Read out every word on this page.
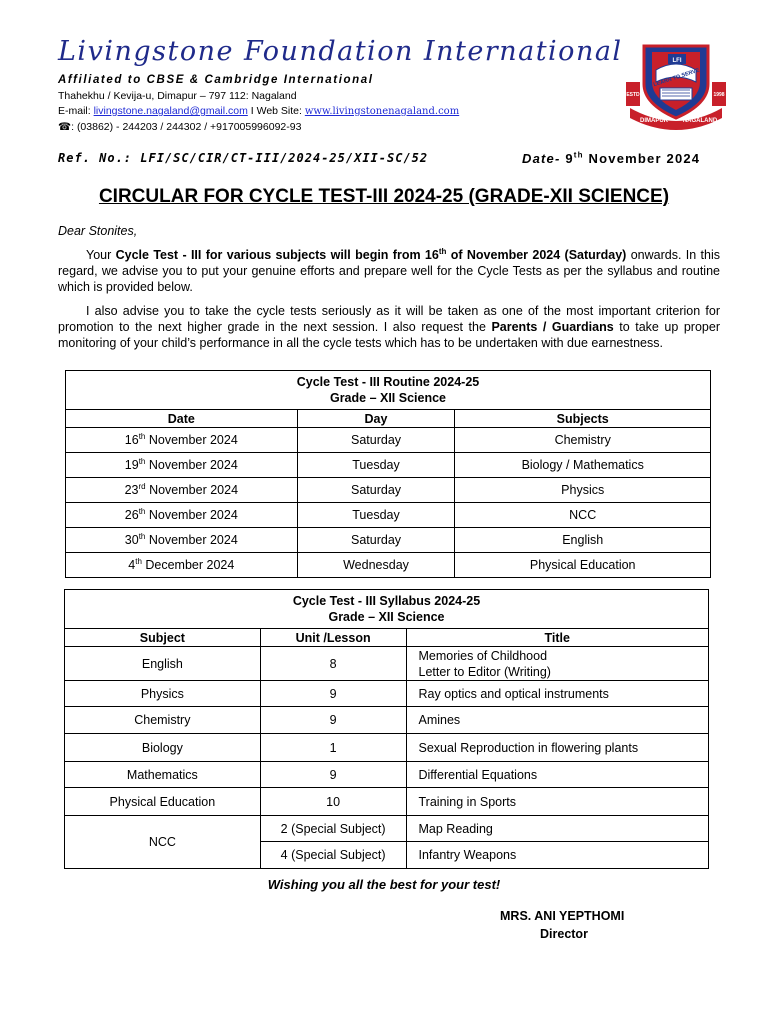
Livingstone Foundation International
Affiliated to CBSE & Cambridge International
Thahekhu / Kevija-u, Dimapur – 797 112: Nagaland
E-mail: livingstone.nagaland@gmail.com I Web Site: www.livingstonenagaland.com
☎: (03862) - 244203 / 244302 / +917005996092-93
LFI
LEARN TO SERVE
ESTD	1998
DIMAPUR NAGALAND
Ref. No.: LFI/SC/CIR/CT-III/2024-25/XII-SC/52	Date- 9th November 2024
CIRCULAR FOR CYCLE TEST-III 2024-25 (GRADE-XII SCIENCE)
Dear Stonites,
Your Cycle Test - III for various subjects will begin from 16th of November 2024 (Saturday) onwards. In this regard, we advise you to put your genuine efforts and prepare well for the Cycle Tests as per the syllabus and routine which is provided below.
I also advise you to take the cycle tests seriously as it will be taken as one of the most important criterion for promotion to the next higher grade in the next session. I also request the Parents / Guardians to take up proper monitoring of your child’s performance in all the cycle tests which has to be undertaken with due earnestness.
Cycle Test - III Routine 2024-25
Grade – XII Science		

Date	Day	Subjects
16th November 2024	Saturday	Chemistry
19th November 2024	Tuesday	Biology / Mathematics
23rd November 2024	Saturday	Physics
26th November 2024	Tuesday	NCC
30th November 2024	Saturday	English
4th December 2024	Wednesday	Physical Education
Cycle Test - III Syllabus 2024-25
Grade – XII Science		

Subject	Unit /Lesson	Title
English	8	Memories of Childhood
Letter to Editor (Writing)

Physics	9	Ray optics and optical instruments
Chemistry	9	Amines
Biology	1	Sexual Reproduction in flowering plants
Mathematics	9	Differential Equations
Physical Education	10	Training in Sports
NCC	2 (Special Subject)	Map Reading
	4 (Special Subject)	Infantry Weapons
Wishing you all the best for your test!
MRS. ANI YEPTHOMI
Director
